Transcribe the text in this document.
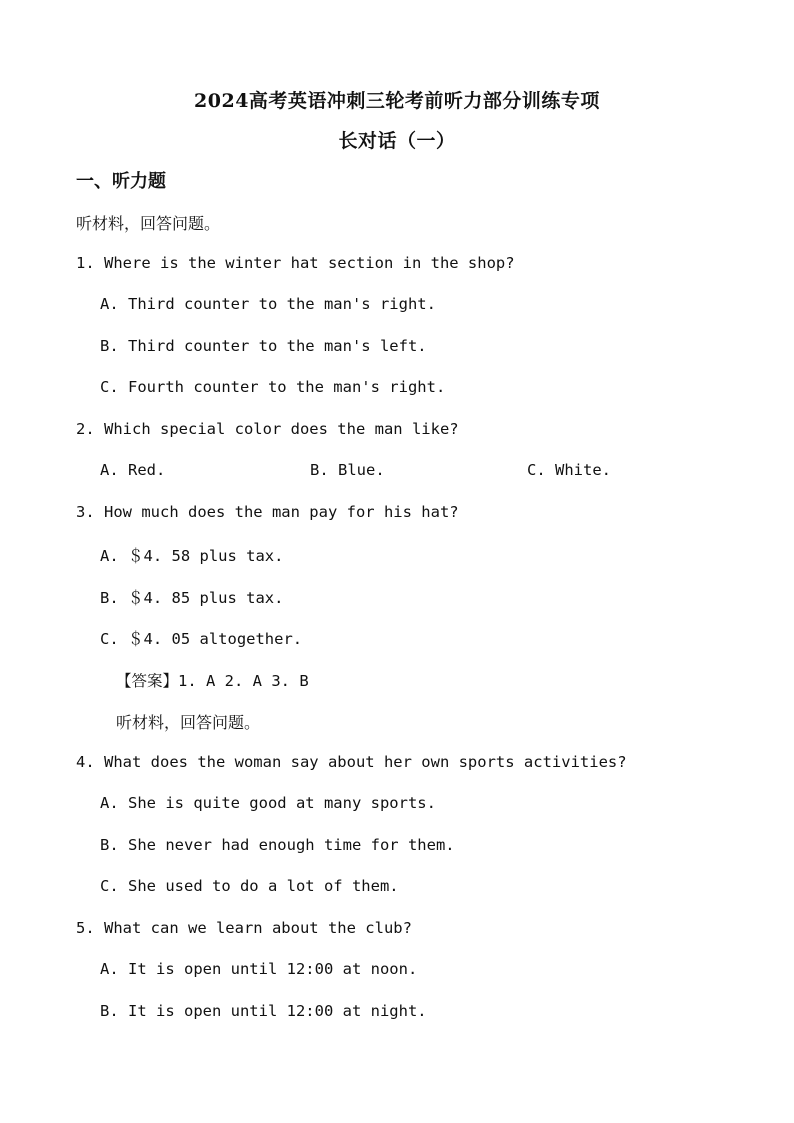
2024高考英语冲刺三轮考前听力部分训练专项
长对话（一）
一、听力题
听材料，回答问题。
1. Where is the winter hat section in the shop?
A. Third counter to the man's right.
B. Third counter to the man's left.
C. Fourth counter to the man's right.
2. Which special color does the man like?
A. Red.	B. Blue.	C. White.
3. How much does the man pay for his hat?
A. ＄4. 58 plus tax.
B. ＄4. 85 plus tax.
C. ＄4. 05 altogether.
【答案】1. A 2. A 3. B
听材料，回答问题。
4. What does the woman say about her own sports activities?
A. She is quite good at many sports.
B. She never had enough time for them.
C. She used to do a lot of them.
5. What can we learn about the club?
A. It is open until 12:00 at noon.
B. It is open until 12:00 at night.
